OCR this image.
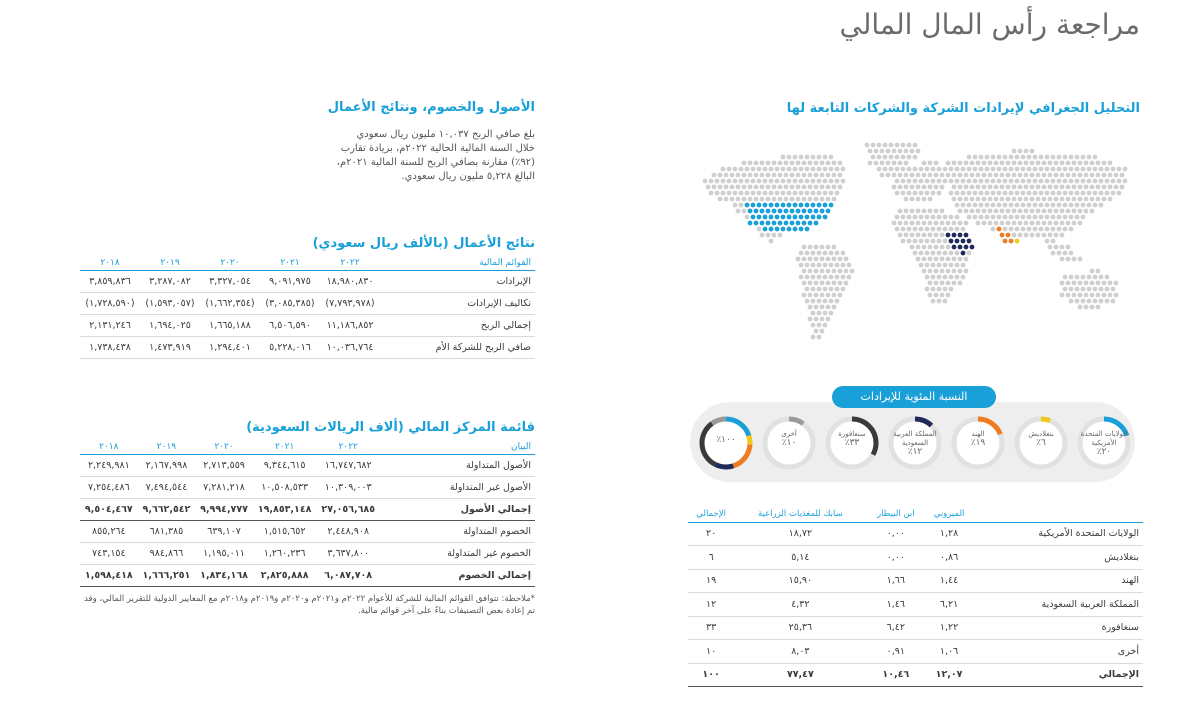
مراجعة رأس المال المالي
الأصول والخصوم، ونتائج الأعمال
بلغ صافي الربح ١٠,٠٣٧ مليون ريال سعودي خلال السنة المالية الحالية ٢٠٢٢م، بزيادة تقارب (٩٢٪) مقارنة بصافي الربح للسنة المالية ٢٠٢١م، البالغ ٥,٢٢٨ مليون ريال سعودي.
نتائج الأعمال (بالألف ريال سعودي)
القوائم المالية	٢٠٢٢	٢٠٢١	٢٠٢٠	٢٠١٩	٢٠١٨
الإيرادات	١٨,٩٨٠,٨٣٠	٩,٠٩١,٩٧٥	٣,٣٢٧,٠٥٤	٣,٢٨٧,٠٨٢	٣,٨٥٩,٨٣٦
تكاليف الإيرادات	(٧,٧٩٣,٩٧٨)	(٣,٠٨٥,٣٨٥)	(١,٦٦٢,٣٥٤)	(١,٥٩٣,٠٥٧)	(١,٧٢٨,٥٩٠)
إجمالي الربح	١١,١٨٦,٨٥٢	٦,٥٠٦,٥٩٠	١,٦٦٥,١٨٨	١,٦٩٤,٠٢٥	٢,١٣١,٢٤٦
صافي الربح للشركة الأم	١٠,٠٣٦,٧٦٤	٥,٢٢٨,٠١٦	١,٢٩٤,٤٠١	١,٤٧٣,٩١٩	١,٧٣٨,٤٣٨
قائمة المركز المالي (ألاف الريالات السعودية)
البيان	٢٠٢٢	٢٠٢١	٢٠٢٠	٢٠١٩	٢٠١٨
الأصول المتداولة	١٦,٧٤٧,٦٨٢	٩,٣٤٤,٦١٥	٢,٧١٣,٥٥٩	٢,١٦٧,٩٩٨	٢,٢٤٩,٩٨١
الأصول غير المتداولة	١٠,٣٠٩,٠٠٣	١٠,٥٠٨,٥٣٣	٧,٢٨١,٢١٨	٧,٤٩٤,٥٤٤	٧,٢٥٤,٤٨٦
إجمالي الأصول	٢٧,٠٥٦,٦٨٥	١٩,٨٥٣,١٤٨	٩,٩٩٤,٧٧٧	٩,٦٦٢,٥٤٢	٩,٥٠٤,٤٦٧
الخصوم المتداولة	٢,٤٤٨,٩٠٨	١,٥١٥,٦٥٢	٦٣٩,١٠٧	٦٨١,٣٨٥	٨٥٥,٢٦٤
الخصوم غير المتداولة	٣,٦٣٧,٨٠٠	١,٢٦٠,٢٣٦	١,١٩٥,٠١١	٩٨٤,٨٦٦	٧٤٣,١٥٤
إجمالي الخصوم	٦,٠٨٧,٧٠٨	٢,٨٢٥,٨٨٨	١,٨٣٤,١٦٨	١,٦٦٦,٢٥١	١,٥٩٨,٤١٨
*ملاحظة: تتوافق القوائم المالية للشركة للأعوام ٢٠٢٢م و٢٠٢١م و٢٠٢٠م و٢٠١٩م و٢٠١٨م مع المعايير الدولية للتقرير المالي، وقد تم إعادة بعض التصنيفات بناءً على آخر قوائم مالية.
التحليل الجغرافي لإيرادات الشركة والشركات التابعة لها
النسبة المئوية للإيرادات
الولايات المتحدة الأمريكية
٢٠٪
بنغلاديش
٦٪
الهند
١٩٪
المملكة العربية السعودية
١٢٪
سنغافورة
٣٣٪
أخرى
١٠٪
١٠٠٪
	الميروني	ابن البيطار	سابك للمغذيات الزراعية	الإجمالي
الولايات المتحدة الأمريكية	١,٢٨	٠,٠٠	١٨,٧٢	٢٠
بنغلاديش	٠,٨٦	٠,٠٠	٥,١٤	٦
الهند	١,٤٤	١,٦٦	١٥,٩٠	١٩
المملكة العربية السعودية	٦,٢١	١,٤٦	٤,٣٢	١٢
سنغافورة	١,٢٢	٦,٤٢	٢٥,٣٦	٣٣
أخرى	١,٠٦	٠,٩١	٨,٠٣	١٠
الإجمالي	١٢,٠٧	١٠,٤٦	٧٧,٤٧	١٠٠
